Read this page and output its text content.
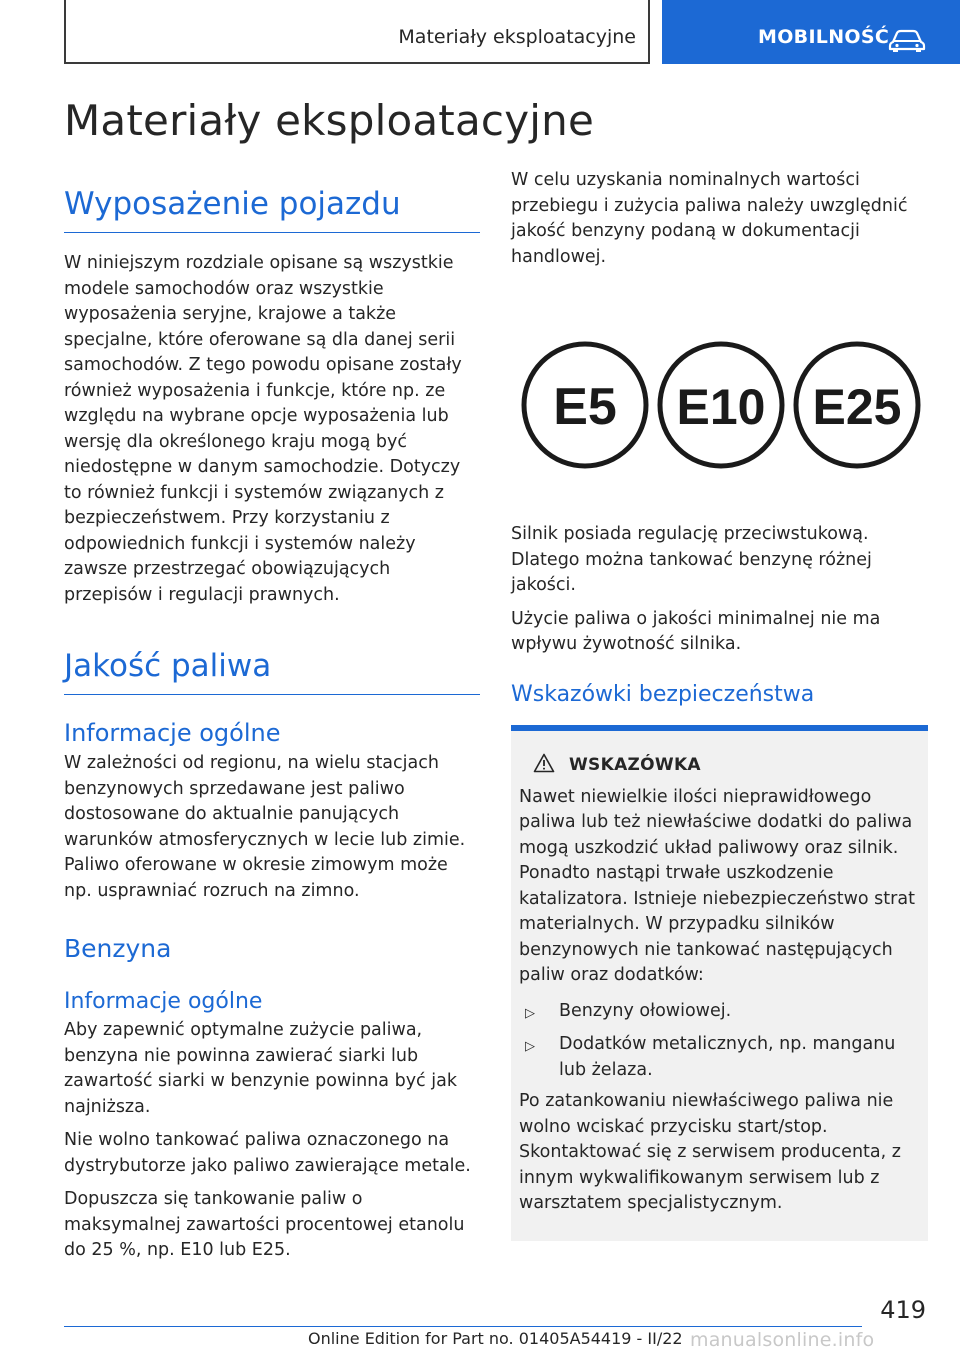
Materiały eksploatacyjne	MOBILNOŚĆ
Materiały eksploatacyjne
Wyposażenie pojazdu

W niniejszym rozdziale opisane są wszystkie modele samochodów oraz wszystkie wyposażenia seryjne, krajowe a także specjalne, które oferowane są dla danej serii samochodów. Z tego powodu opisane zostały również wyposażenia i funkcje, które np. ze względu na wybrane opcje wyposażenia lub wersję dla określonego kraju mogą być niedostępne w danym samochodzie. Dotyczy to również funkcji i systemów związanych z bezpieczeństwem. Przy korzystaniu z odpowiednich funkcji i systemów należy zawsze przestrzegać obowiązujących przepisów i regulacji prawnych.

Jakość paliwa
Informacje ogólne

W zależności od regionu, na wielu stacjach benzynowych sprzedawane jest paliwo dostosowane do aktualnie panujących warunków atmosferycznych w lecie lub zimie. Paliwo oferowane w okresie zimowym może np. usprawniać rozruch na zimno.

Benzyna
Informacje ogólne

Aby zapewnić optymalne zużycie paliwa, benzyna nie powinna zawierać siarki lub zawartość siarki w benzynie powinna być jak najniższa.

Nie wolno tankować paliwa oznaczonego na dystrybutorze jako paliwo zawierające metale.

Dopuszcza się tankowanie paliw o maksymalnej zawartości procentowej etanolu do 25 %, np. E10 lub E25.

W celu uzyskania nominalnych wartości przebiegu i zużycia paliwa należy uwzględnić jakość benzyny podaną w dokumentacji handlowej.

E5 E10 E25

Silnik posiada regulację przeciwstukową. Dlatego można tankować benzynę różnej jakości.

Użycie paliwa o jakości minimalnej nie ma wpływu żywotność silnika.

Wskazówki bezpieczeństwa
WSKAZÓWKA

Nawet niewielkie ilości nieprawidłowego paliwa lub też niewłaściwe dodatki do paliwa mogą uszkodzić układ paliwowy oraz silnik. Ponadto nastąpi trwałe uszkodzenie katalizatora. Istnieje niebezpieczeństwo strat materialnych. W przypadku silników benzynowych nie tankować następujących paliw oraz dodatków:

▷	Benzyny ołowiowej.
▷	Dodatków metalicznych, np. manganu lub żelaza.

Po zatankowaniu niewłaściwego paliwa nie wolno wciskać przycisku start/stop. Skontaktować się z serwisem producenta, z innym wykwalifikowanym serwisem lub z warsztatem specjalistycznym.

419
Online Edition for Part no. 01405A54419 - II/22 manualsonline.info
